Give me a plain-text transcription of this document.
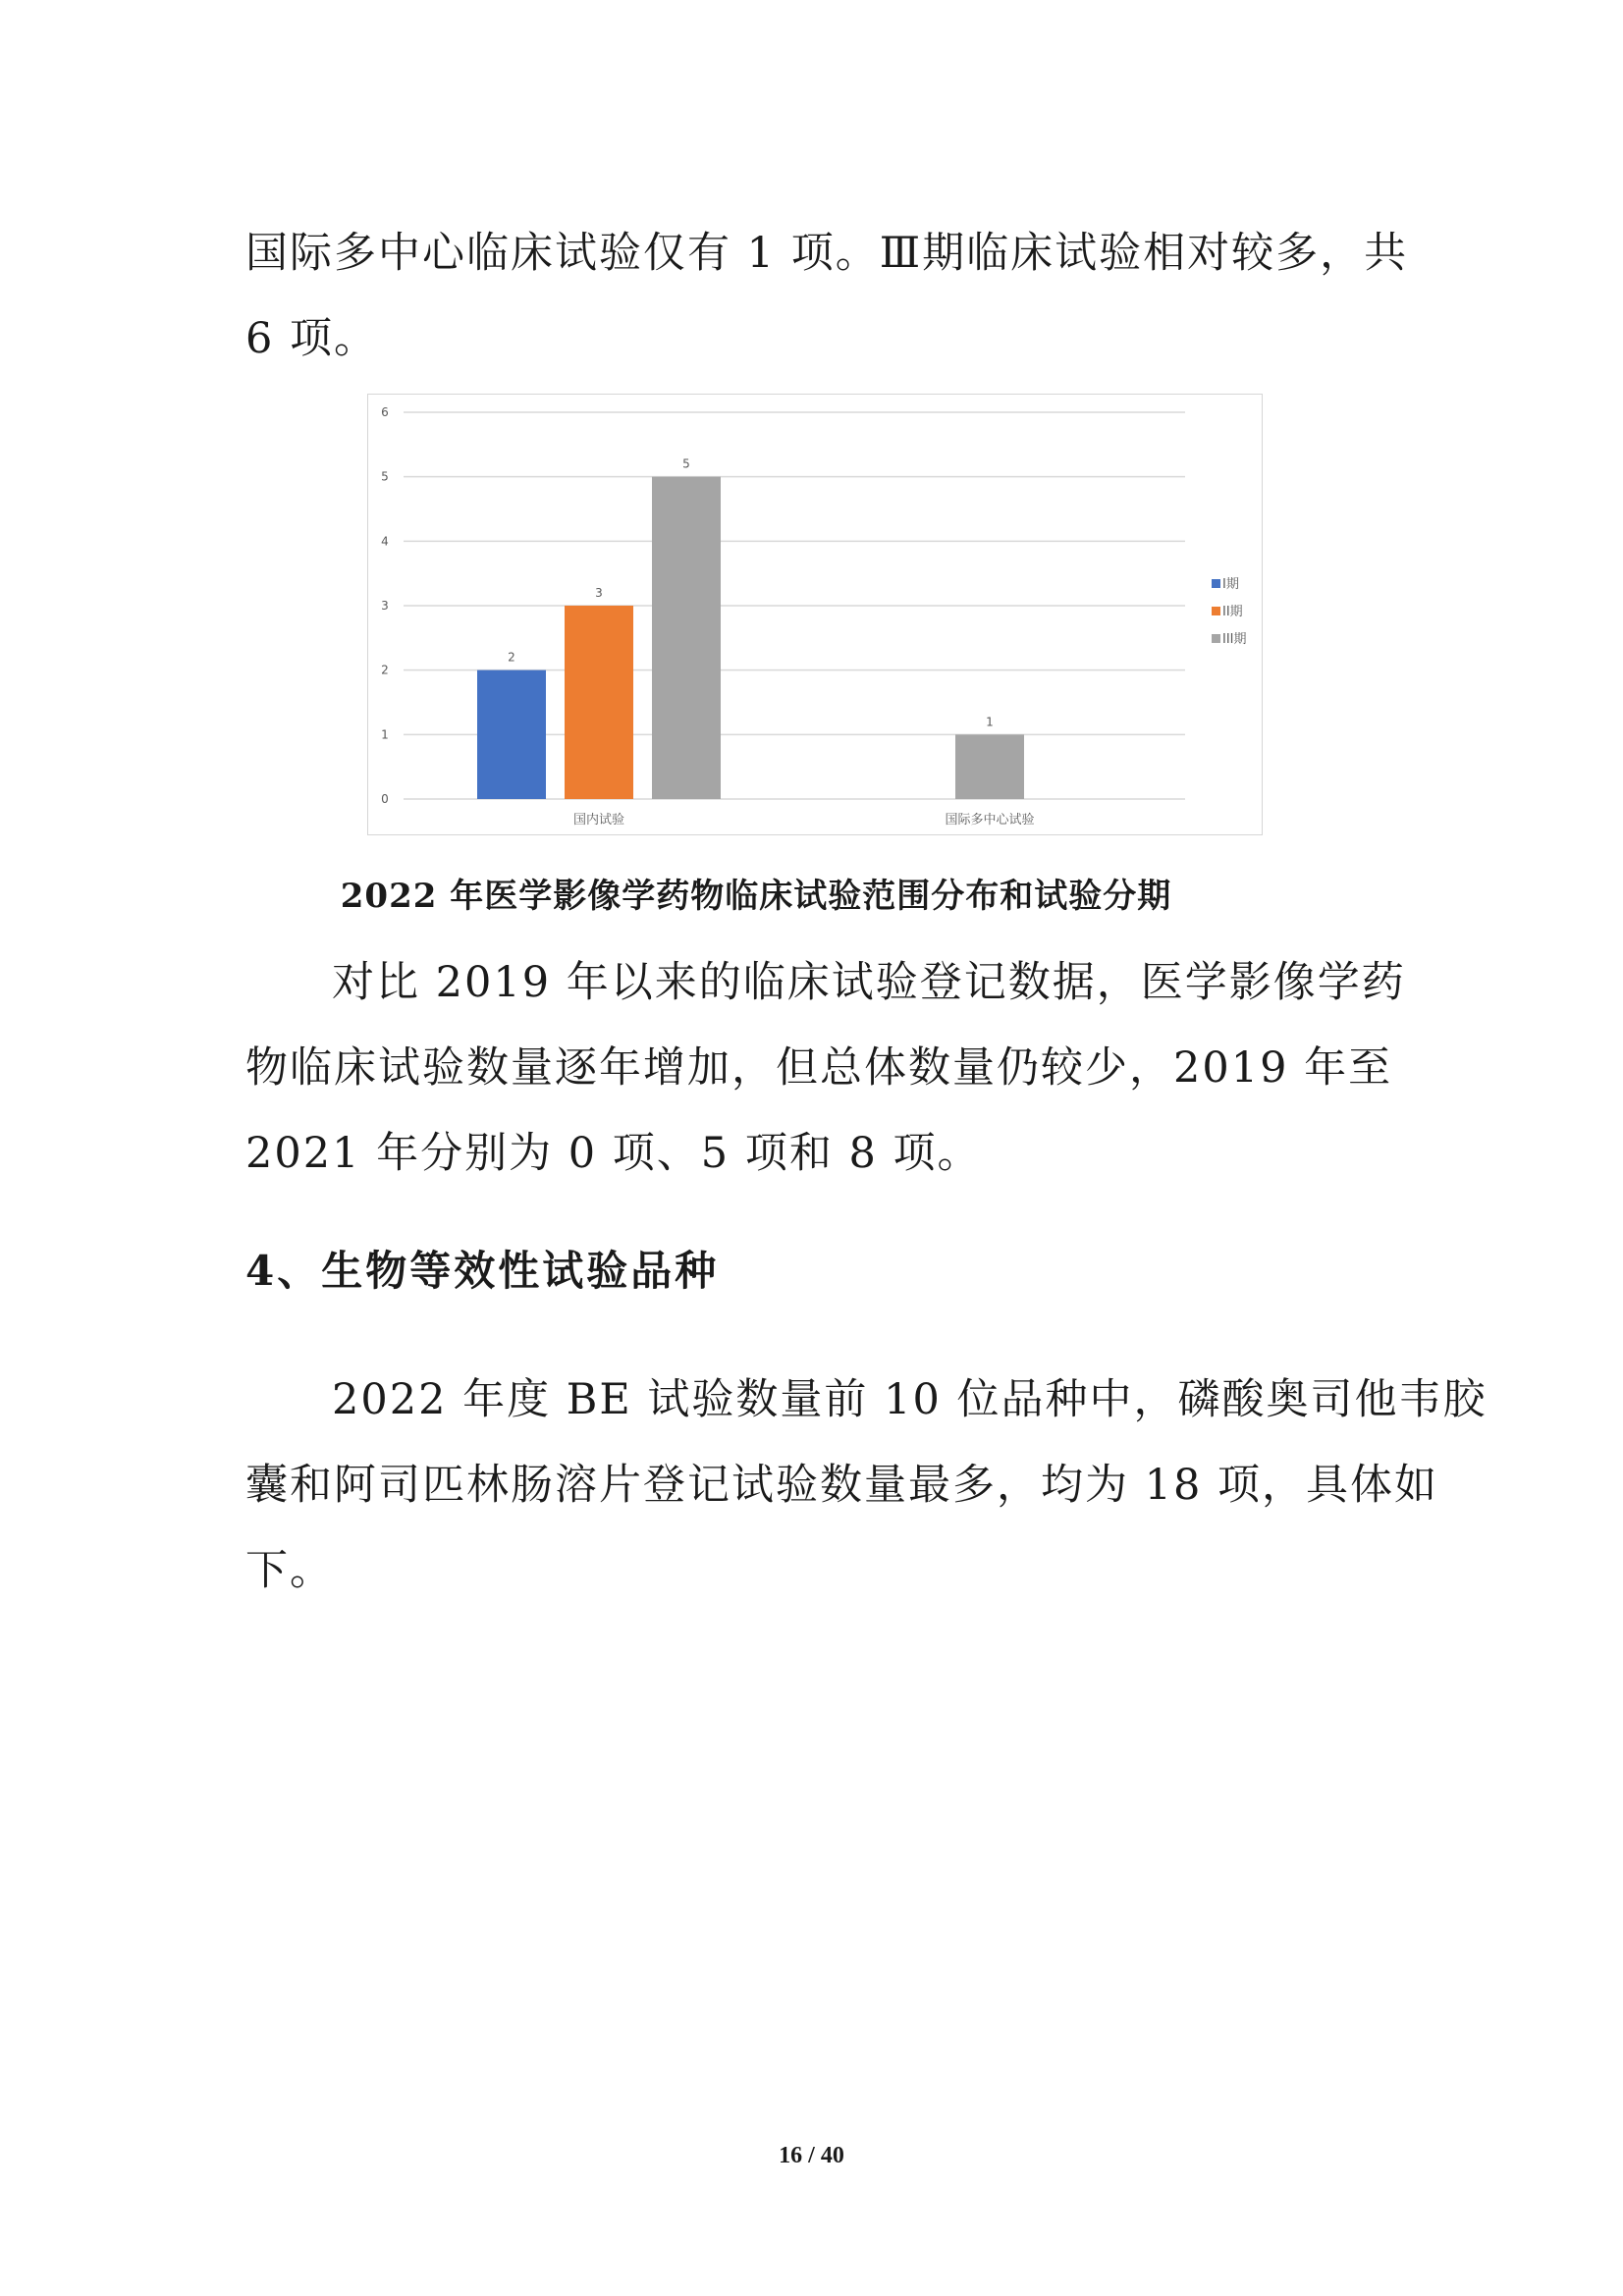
国际多中心临床试验仅有 1 项。Ⅲ期临床试验相对较多，共
6 项。
0
1
2
3
4
5
6
2
3
5
国内试验
1
国际多中心试验
I期
II期
III期
2022 年医学影像学药物临床试验范围分布和试验分期
对比 2019 年以来的临床试验登记数据，医学影像学药
物临床试验数量逐年增加，但总体数量仍较少，2019 年至
2021 年分别为 0 项、5 项和 8 项。
4、生物等效性试验品种
2022 年度 BE 试验数量前 10 位品种中，磷酸奥司他韦胶
囊和阿司匹林肠溶片登记试验数量最多，均为 18 项，具体如
下。
16 / 40
